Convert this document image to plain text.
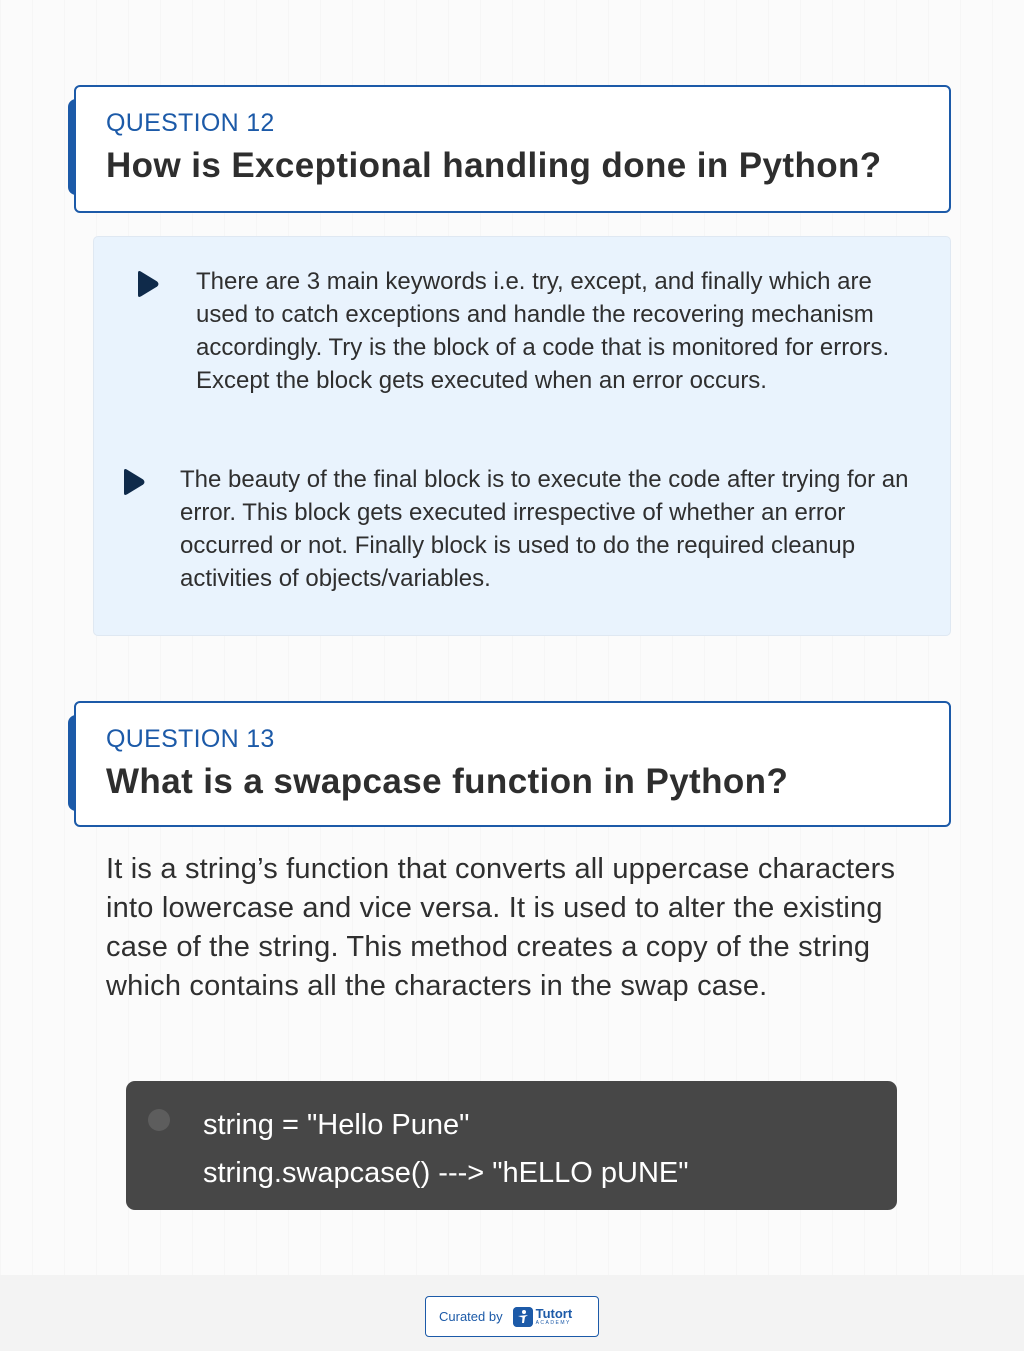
QUESTION 12
How is Exceptional handling done in Python?
There are 3 main keywords i.e. try, except, and finally which are used to catch exceptions and handle the recovering mechanism accordingly. Try is the block of a code that is monitored for errors. Except the block gets executed when an error occurs.
The beauty of the final block is to execute the code after trying for an error. This block gets executed irrespective of whether an error occurred or not. Finally block is used to do the required cleanup activities of objects/variables.
QUESTION 13
What is a swapcase function in Python?
It is a string’s function that converts all uppercase characters into lowercase and vice versa. It is used to alter the existing case of the string. This method creates a copy of the string which contains all the characters in the swap case.
string = "Hello Pune"
string.swapcase() ---> "hELLO pUNE"
Curated by	Tutort
ACADEMY
